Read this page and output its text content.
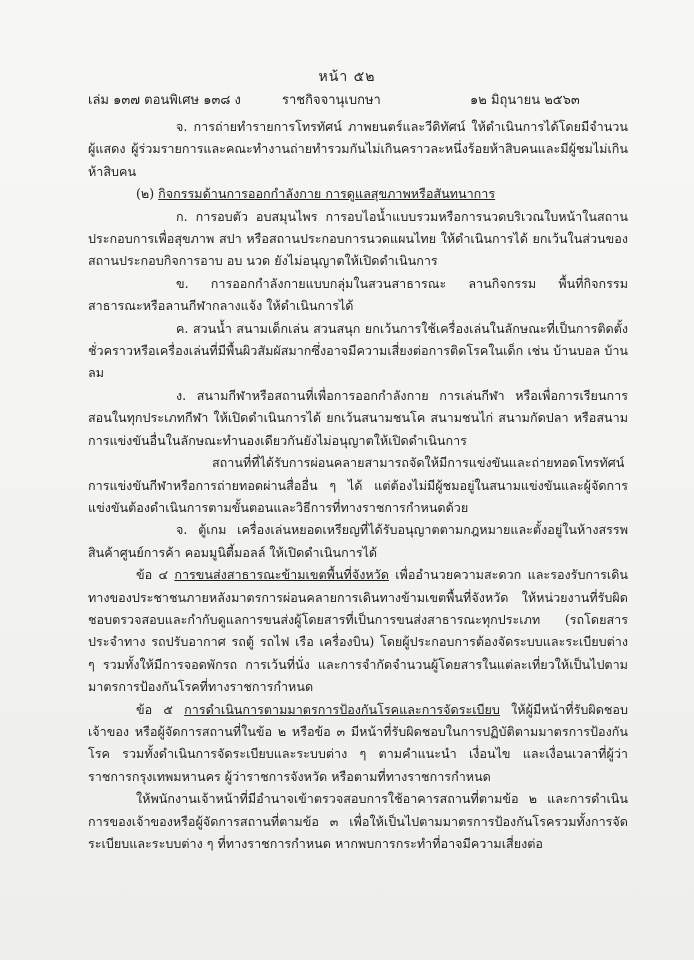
หน้า ๕๒
เล่ม ๑๓๗ ตอนพิเศษ ๑๓๘ ง	ราชกิจจานุเบกษา	๑๒ มิถุนายน ๒๕๖๓

จ. การถ่ายทำรายการโทรทัศน์ ภาพยนตร์และวีดิทัศน์ ให้ดำเนินการได้โดยมีจำนวนผู้แสดง ผู้ร่วมรายการและคณะทำงานถ่ายทำรวมกันไม่เกินคราวละหนึ่งร้อยห้าสิบคนและมีผู้ชมไม่เกินห้าสิบคน

(๒) กิจกรรมด้านการออกกำลังกาย การดูแลสุขภาพหรือสันทนาการ

ก. การอบตัว อบสมุนไพร การอบไอน้ำแบบรวมหรือการนวดบริเวณใบหน้าในสถานประกอบการเพื่อสุขภาพ สปา หรือสถานประกอบการนวดแผนไทย ให้ดำเนินการได้ ยกเว้นในส่วนของสถานประกอบกิจการอาบ อบ นวด ยังไม่อนุญาตให้เปิดดำเนินการ

ข. การออกกำลังกายแบบกลุ่มในสวนสาธารณะ ลานกิจกรรม พื้นที่กิจกรรมสาธารณะหรือลานกีฬากลางแจ้ง ให้ดำเนินการได้

ค. สวนน้ำ สนามเด็กเล่น สวนสนุก ยกเว้นการใช้เครื่องเล่นในลักษณะที่เป็นการติดตั้งชั่วคราวหรือเครื่องเล่นที่มีพื้นผิวสัมผัสมากซึ่งอาจมีความเสี่ยงต่อการติดโรคในเด็ก เช่น บ้านบอล บ้านลม

ง. สนามกีฬาหรือสถานที่เพื่อการออกกำลังกาย การเล่นกีฬา หรือเพื่อการเรียนการสอนในทุกประเภทกีฬา ให้เปิดดำเนินการได้ ยกเว้นสนามชนโค สนามชนไก่ สนามกัดปลา หรือสนามการแข่งขันอื่นในลักษณะทำนองเดียวกันยังไม่อนุญาตให้เปิดดำเนินการ

สถานที่ที่ได้รับการผ่อนคลายสามารถจัดให้มีการแข่งขันและถ่ายทอดโทรทัศน์การแข่งขันกีฬาหรือการถ่ายทอดผ่านสื่ออื่น ๆ ได้ แต่ต้องไม่มีผู้ชมอยู่ในสนามแข่งขันและผู้จัดการแข่งขันต้องดำเนินการตามขั้นตอนและวิธีการที่ทางราชการกำหนดด้วย

จ. ตู้เกม เครื่องเล่นหยอดเหรียญที่ได้รับอนุญาตตามกฎหมายและตั้งอยู่ในห้างสรรพสินค้าศูนย์การค้า คอมมูนิตี้มอลล์ ให้เปิดดำเนินการได้

ข้อ ๔ การขนส่งสาธารณะข้ามเขตพื้นที่จังหวัด เพื่ออำนวยความสะดวก และรองรับการเดินทางของประชาชนภายหลังมาตรการผ่อนคลายการเดินทางข้ามเขตพื้นที่จังหวัด ให้หน่วยงานที่รับผิดชอบตรวจสอบและกำกับดูแลการขนส่งผู้โดยสารที่เป็นการขนส่งสาธารณะทุกประเภท (รถโดยสารประจำทาง รถปรับอากาศ รถตู้ รถไฟ เรือ เครื่องบิน) โดยผู้ประกอบการต้องจัดระบบและระเบียบต่าง ๆ รวมทั้งให้มีการจอดพักรถ การเว้นที่นั่ง และการจำกัดจำนวนผู้โดยสารในแต่ละเที่ยวให้เป็นไปตามมาตรการป้องกันโรคที่ทางราชการกำหนด

ข้อ ๕ การดำเนินการตามมาตรการป้องกันโรคและการจัดระเบียบ ให้ผู้มีหน้าที่รับผิดชอบเจ้าของ หรือผู้จัดการสถานที่ในข้อ ๒ หรือข้อ ๓ มีหน้าที่รับผิดชอบในการปฏิบัติตามมาตรการป้องกันโรค รวมทั้งดำเนินการจัดระเบียบและระบบต่าง ๆ ตามคำแนะนำ เงื่อนไข และเงื่อนเวลาที่ผู้ว่าราชการกรุงเทพมหานคร ผู้ว่าราชการจังหวัด หรือตามที่ทางราชการกำหนด

ให้พนักงานเจ้าหน้าที่มีอำนาจเข้าตรวจสอบการใช้อาคารสถานที่ตามข้อ ๒ และการดำเนินการของเจ้าของหรือผู้จัดการสถานที่ตามข้อ ๓ เพื่อให้เป็นไปตามมาตรการป้องกันโรครวมทั้งการจัดระเบียบและระบบต่าง ๆ ที่ทางราชการกำหนด หากพบการกระทำที่อาจมีความเสี่ยงต่อ
